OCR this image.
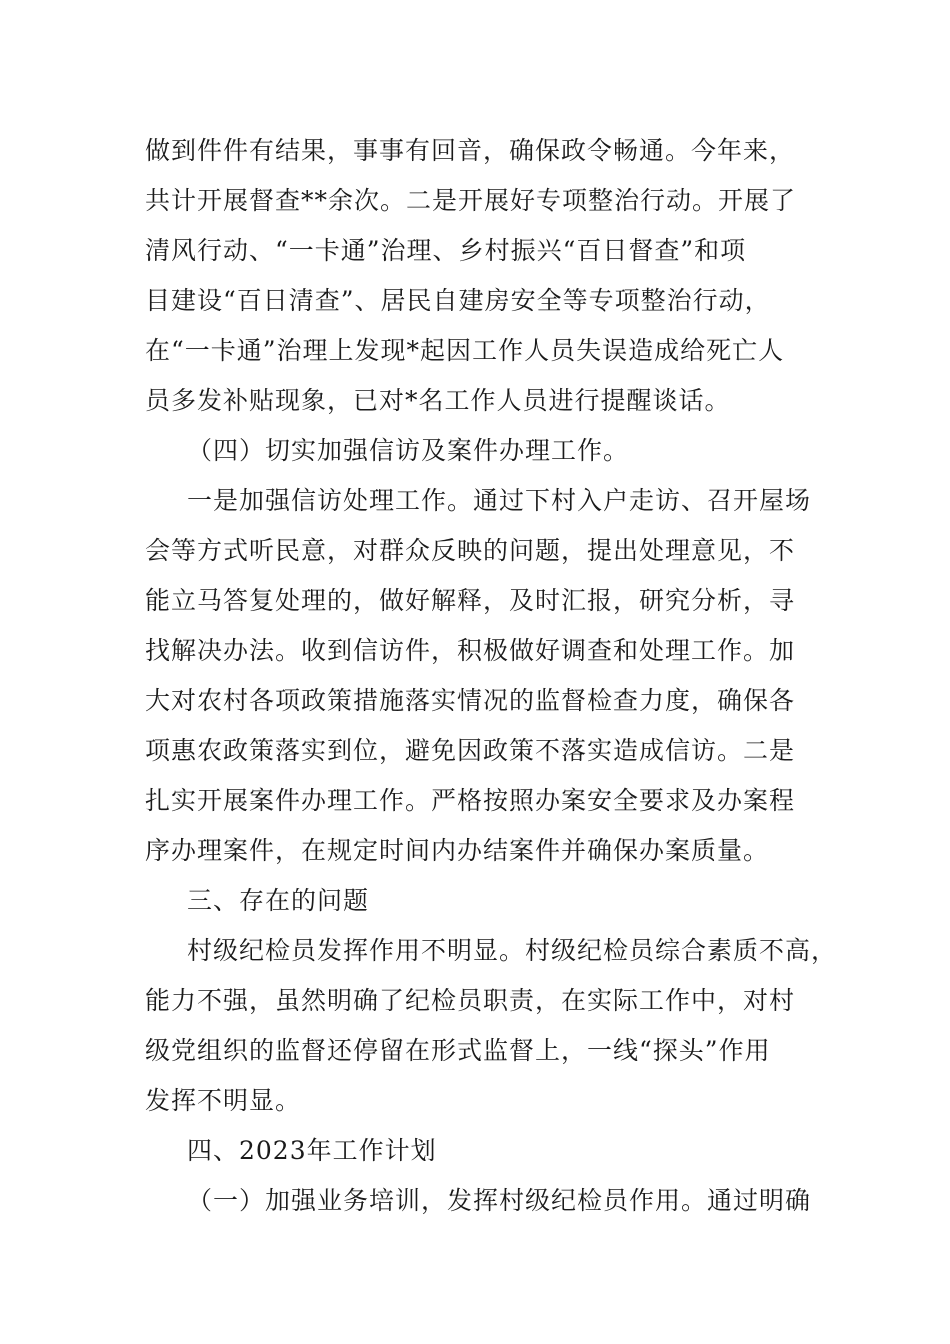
做到件件有结果，事事有回音，确保政令畅通。今年来，
共计开展督查**余次。二是开展好专项整治行动。开展了
清风行动、“一卡通”治理、乡村振兴“百日督查”和项
目建设“百日清查”、居民自建房安全等专项整治行动，
在“一卡通”治理上发现*起因工作人员失误造成给死亡人
员多发补贴现象，已对*名工作人员进行提醒谈话。
（四）切实加强信访及案件办理工作。
一是加强信访处理工作。通过下村入户走访、召开屋场
会等方式听民意，对群众反映的问题，提出处理意见，不
能立马答复处理的，做好解释，及时汇报，研究分析，寻
找解决办法。收到信访件，积极做好调查和处理工作。加
大对农村各项政策措施落实情况的监督检查力度，确保各
项惠农政策落实到位，避免因政策不落实造成信访。二是
扎实开展案件办理工作。严格按照办案安全要求及办案程
序办理案件，在规定时间内办结案件并确保办案质量。
三、存在的问题
村级纪检员发挥作用不明显。村级纪检员综合素质不高，
能力不强，虽然明确了纪检员职责，在实际工作中，对村
级党组织的监督还停留在形式监督上，一线“探头”作用
发挥不明显。
四、2023年工作计划
（一）加强业务培训，发挥村级纪检员作用。通过明确
